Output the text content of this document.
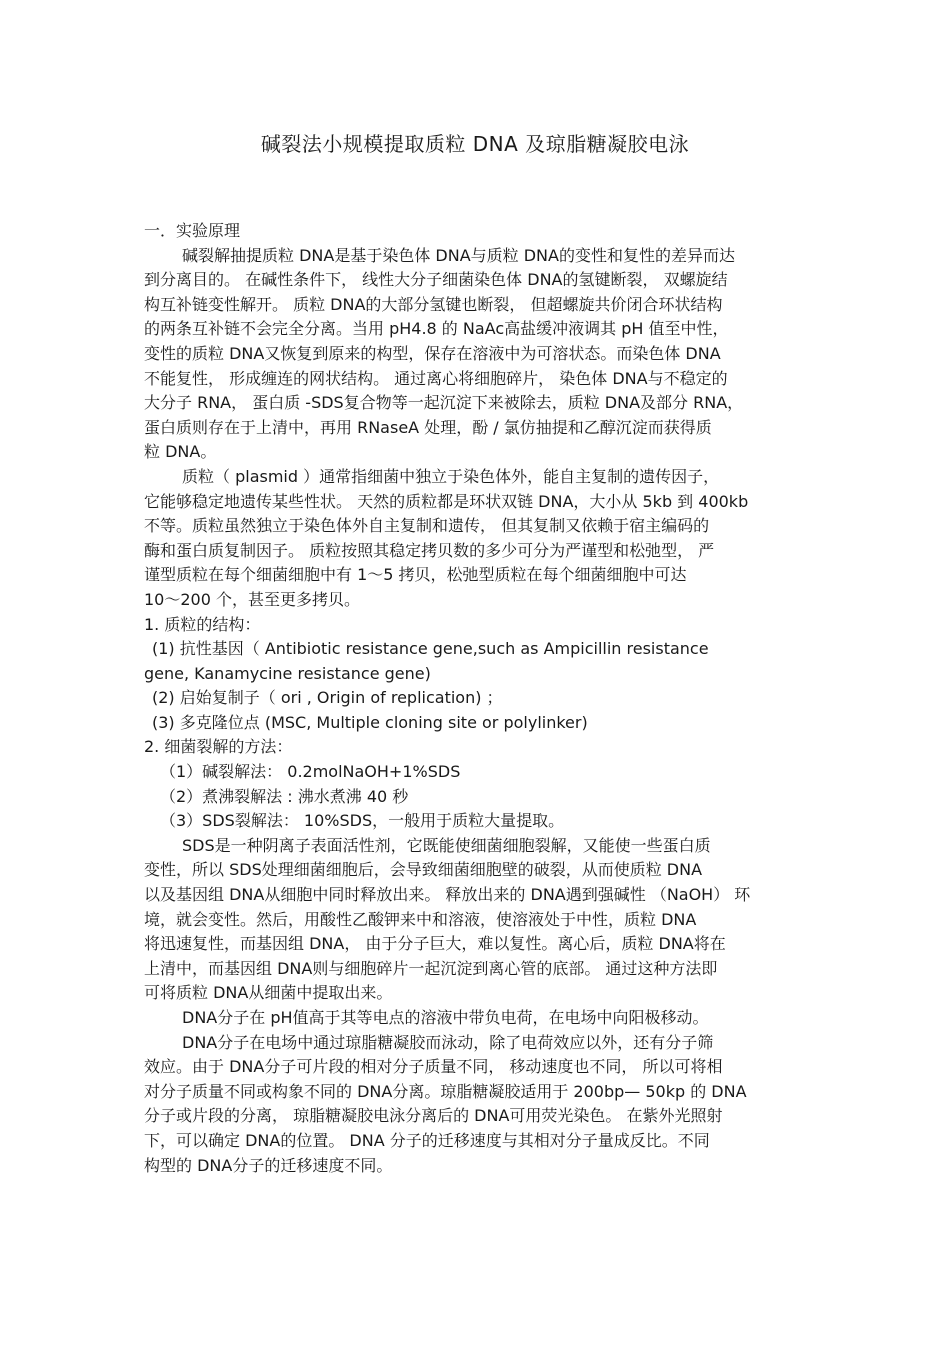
碱裂法小规模提取质粒 DNA 及琼脂糖凝胶电泳
一．实验原理
碱裂解抽提质粒 DNA是基于染色体 DNA与质粒 DNA的变性和复性的差异而达
到分离目的。 在碱性条件下， 线性大分子细菌染色体 DNA的氢键断裂， 双螺旋结
构互补链变性解开。 质粒 DNA的大部分氢键也断裂， 但超螺旋共价闭合环状结构
的两条互补链不会完全分离。当用 pH4.8 的 NaAc高盐缓冲液调其 pH 值至中性，
变性的质粒 DNA又恢复到原来的构型，保存在溶液中为可溶状态。而染色体 DNA
不能复性， 形成缠连的网状结构。 通过离心将细胞碎片， 染色体 DNA与不稳定的
大分子 RNA， 蛋白质 -SDS复合物等一起沉淀下来被除去，质粒 DNA及部分 RNA，
蛋白质则存在于上清中，再用 RNaseA 处理，酚 / 氯仿抽提和乙醇沉淀而获得质
粒 DNA。
质粒（ plasmid ）通常指细菌中独立于染色体外，能自主复制的遗传因子，
它能够稳定地遗传某些性状。 天然的质粒都是环状双链 DNA，大小从 5kb 到 400kb
不等。质粒虽然独立于染色体外自主复制和遗传， 但其复制又依赖于宿主编码的
酶和蛋白质复制因子。 质粒按照其稳定拷贝数的多少可分为严谨型和松弛型， 严
谨型质粒在每个细菌细胞中有 1～5 拷贝，松弛型质粒在每个细菌细胞中可达
10～200 个，甚至更多拷贝。
1. 质粒的结构：
(1) 抗性基因（ Antibiotic resistance gene,such as Ampicillin resistance
gene, Kanamycine resistance gene)
(2) 启始复制子（ ori , Origin of replication) ；
(3) 多克隆位点 (MSC, Multiple cloning site or polylinker)
2. 细菌裂解的方法：
（1）碱裂解法： 0.2molNaOH+1%SDS
（2）煮沸裂解法 : 沸水煮沸 40 秒
（3）SDS裂解法： 10%SDS，一般用于质粒大量提取。
SDS是一种阴离子表面活性剂，它既能使细菌细胞裂解，又能使一些蛋白质
变性，所以 SDS处理细菌细胞后，会导致细菌细胞壁的破裂，从而使质粒 DNA
以及基因组 DNA从细胞中同时释放出来。 释放出来的 DNA遇到强碱性 （NaOH） 环
境，就会变性。然后，用酸性乙酸钾来中和溶液，使溶液处于中性，质粒 DNA
将迅速复性，而基因组 DNA， 由于分子巨大，难以复性。离心后，质粒 DNA将在
上清中，而基因组 DNA则与细胞碎片一起沉淀到离心管的底部。 通过这种方法即
可将质粒 DNA从细菌中提取出来。
DNA分子在 pH值高于其等电点的溶液中带负电荷，在电场中向阳极移动。
DNA分子在电场中通过琼脂糖凝胶而泳动，除了电荷效应以外，还有分子筛
效应。由于 DNA分子可片段的相对分子质量不同， 移动速度也不同， 所以可将相
对分子质量不同或构象不同的 DNA分离。琼脂糖凝胶适用于 200bp— 50kp 的 DNA
分子或片段的分离， 琼脂糖凝胶电泳分离后的 DNA可用荧光染色。 在紫外光照射
下，可以确定 DNA的位置。 DNA 分子的迁移速度与其相对分子量成反比。不同
构型的 DNA分子的迁移速度不同。
